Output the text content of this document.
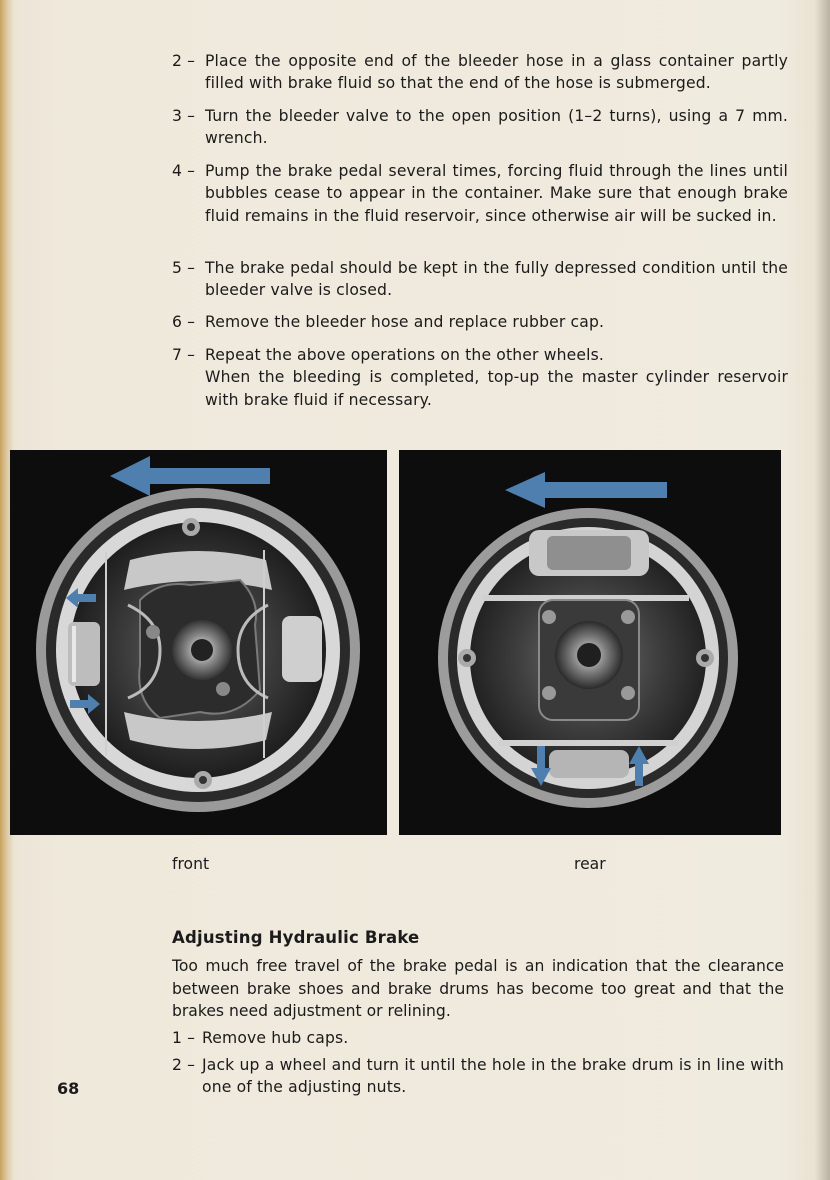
2 – Place the opposite end of the bleeder hose in a glass container partly filled with brake fluid so that the end of the hose is submerged.
3 – Turn the bleeder valve to the open position (1–2 turns), using a 7 mm. wrench.
4 – Pump the brake pedal several times, forcing fluid through the lines until bubbles cease to appear in the container. Make sure that enough brake fluid remains in the fluid reservoir, since otherwise air will be sucked in.
5 – The brake pedal should be kept in the fully depressed condition until the bleeder valve is closed.
6 – Remove the bleeder hose and replace rubber cap.
7 – Repeat the above operations on the other wheels.
When the bleeding is completed, top-up the master cylinder reservoir with brake fluid if necessary.
front	rear
Adjusting Hydraulic Brake
Too much free travel of the brake pedal is an indication that the clearance between brake shoes and brake drums has become too great and that the brakes need adjustment or relining.
1 – Remove hub caps.
2 – Jack up a wheel and turn it until the hole in the brake drum is in line with one of the adjusting nuts.
68
